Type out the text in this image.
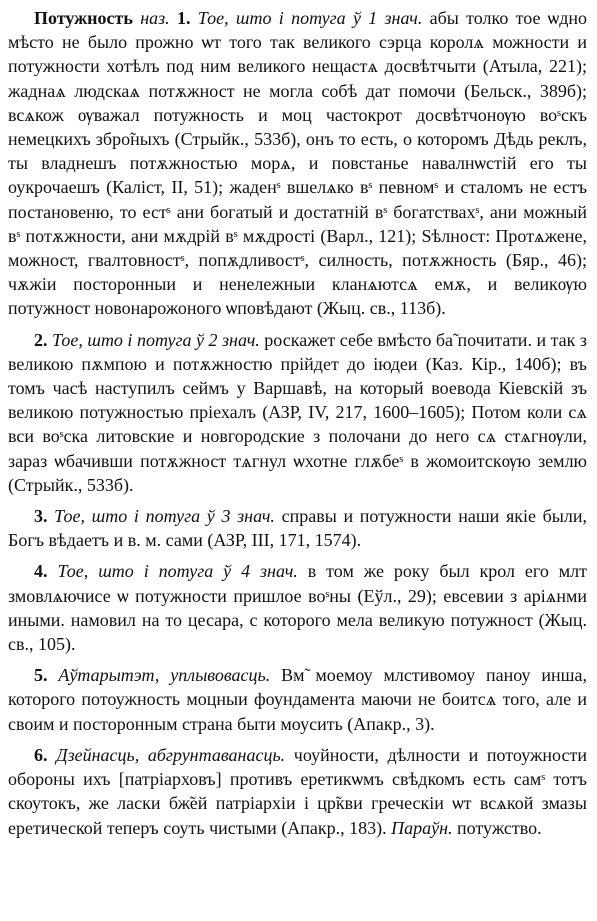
Потужность наз. 1. Тое, што і потуга ў 1 знач. абы толко тое ѡдно мѣсто не было прожно ѡт того так великого сэрца королѧ можности и потужности хотѣлъ под ним великого нещастѧ досвѣтчыти (Атыла, 221); жаднаѧ людскаѧ потѫжност не могла собѣ дат помочи (Бельск., 389б); всѧкож ѹважал потужность и моц частокрот досвѣтчонѹю воˢскъ немецкихъ збро̃ныхъ (Стрыйк., 533б), онъ то есть, о которомъ Дѣдь реклъ, ты владнешъ потѫжностью морѧ, и повстанье навалнѡстій его ты оукрочаешъ (Каліст, ІІ, 51); жаденˢ вшелѧко вˢ певномˢ и сталомъ не естъ постановеню, то естˢ ани богатый и достатній вˢ богатствахˢ, ани можный вˢ потѫжности, ани мѫдрій вˢ мѫдрості (Варл., 121); Ѕѣлност: Протѧжене, можност, гвалтовностˢ, попѫдливостˢ, силность, потѫжность (Бяр., 46); чѫжіи посторонныи и ненележныи кланѧютсѧ емѫ, и великѹю потужност новонарожоного ѡповѣдают (Жыц. св., 113б).

2. Тое, што і потуга ў 2 знач. роскажет себе вмѣсто ба̃ почитати. и так з великою пѫмпою и потѫжностю прійдет до іюдеи (Каз. Кір., 140б); въ томъ часѣ наступилъ сеймъ у Варшавѣ, на который воевода Кіевскій зъ великою потужностью пріехалъ (АЗР, IV, 217, 1600–1605); Потом коли сѧ вси воˢска литовские и новгородские з полочани до него сѧ стѧгнѹли, зараз ѡбачивши потѫжност тѧгнул ѡхотне глѫбеˢ в жомоитскѹю землю (Стрыйк., 533б).

3. Тое, што і потуга ў 3 знач. справы и потужности наши якіе были, Богъ вѣдаетъ и в. м. сами (АЗР, III, 171, 1574).

4. Тое, што і потуга ў 4 знач. в том же року был крол его млт змовлѧючисе ѡ потужности пришлое воˢны (Еўл., 29); евсевии з аріѧнми иными. намовил на то цесара, с которого мела великую потужност (Жыц. св., 105).

5. Аўтарытэт, уплывовасць. Вм̃ моемоу млстивомоу паноу инша, которого потоужность моцныи фоундамента маючи не боитсѧ того, але и своим и посторонным страна быти моусить (Апакр., 3).

6. Дзейнасць, абгрунтаванасць. чоуйности, дѣлности и потоужности обороны ихъ [патріарховъ] противъ еретикѡмъ свѣдкомъ есть самˢ тотъ скоутокъ, же ласки бж̃ей патріархіи і цр̃кви греческіи ѡт всѧкой змазы еретической теперъ соуть чистыми (Апакр., 183). Параўн. потужство.
